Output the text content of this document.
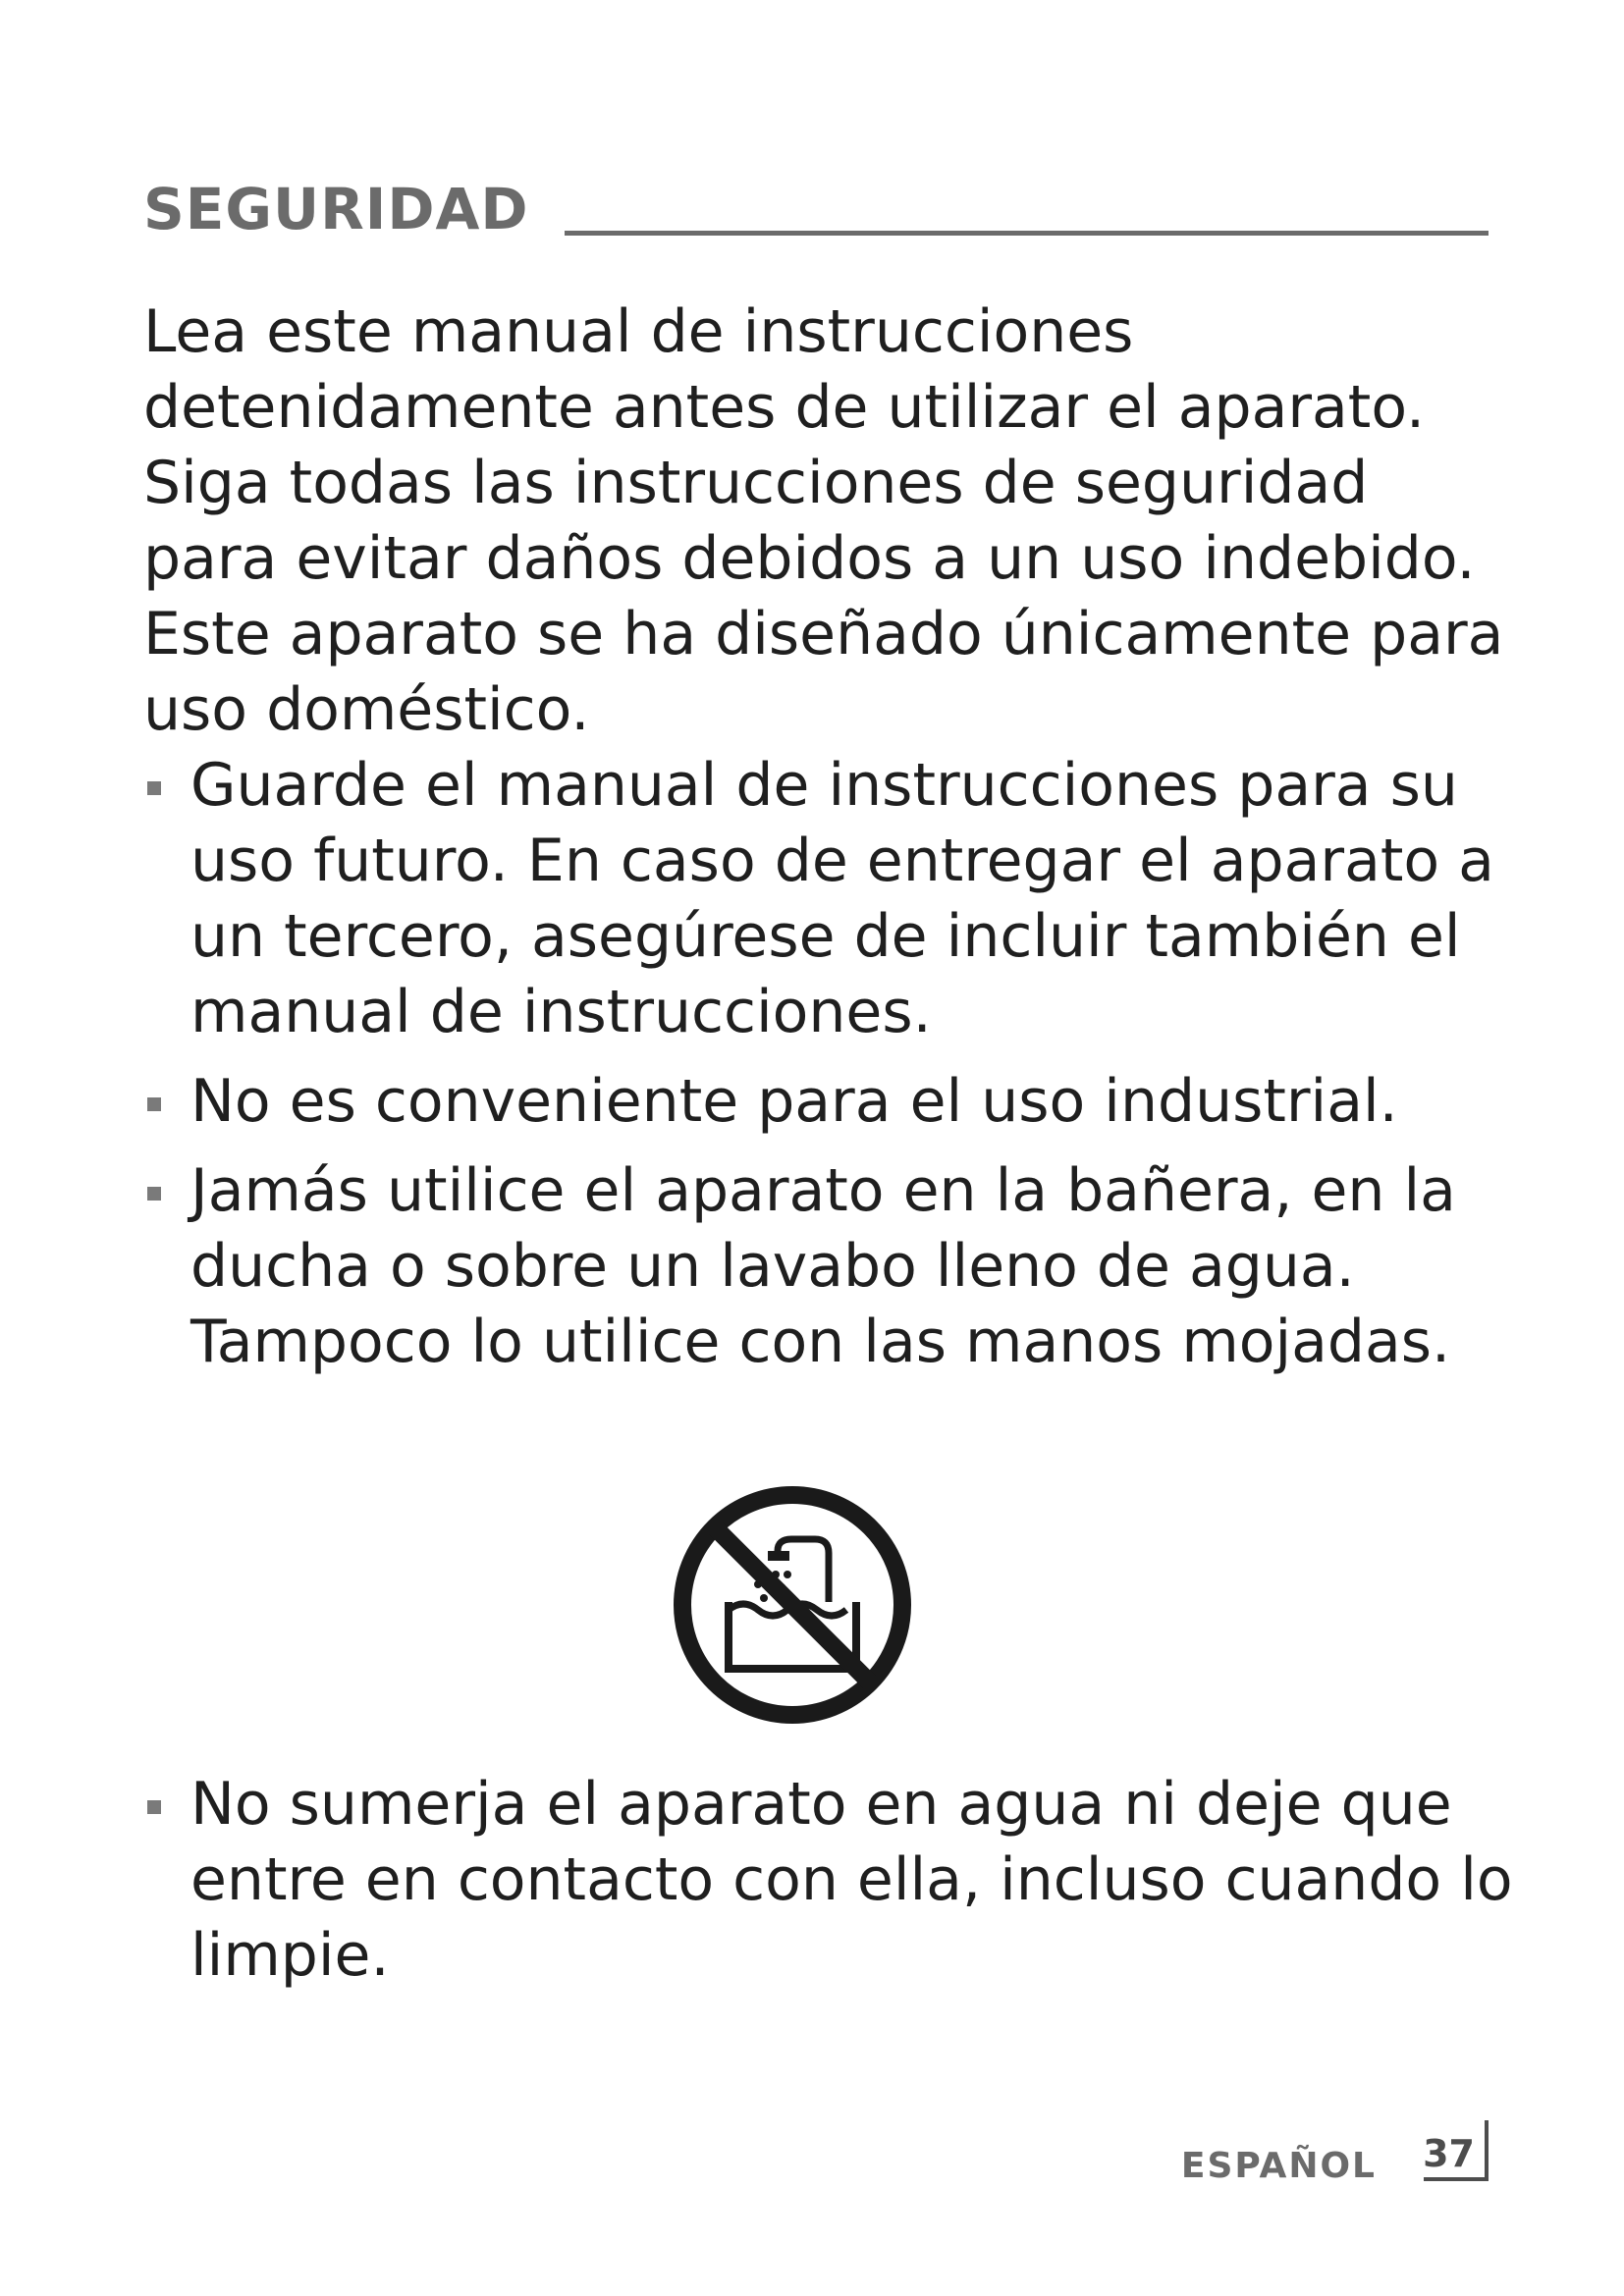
SEGURIDAD

Lea este manual de instrucciones detenidamente antes de utilizar el aparato. Siga todas las instrucciones de seguridad para evitar daños debidos a un uso indebido.

Este aparato se ha diseñado únicamente para uso doméstico.

Guarde el manual de instrucciones para su uso futuro. En caso de entregar el aparato a un tercero, asegúrese de incluir también el manual de instrucciones.
No es conveniente para el uso industrial.
Jamás utilice el aparato en la bañera, en la ducha o sobre un lavabo lleno de agua. Tampoco lo utilice con las manos mojadas.
No sumerja el aparato en agua ni deje que entre en contacto con ella, incluso cuando lo limpie.
ESPAÑOL 37
